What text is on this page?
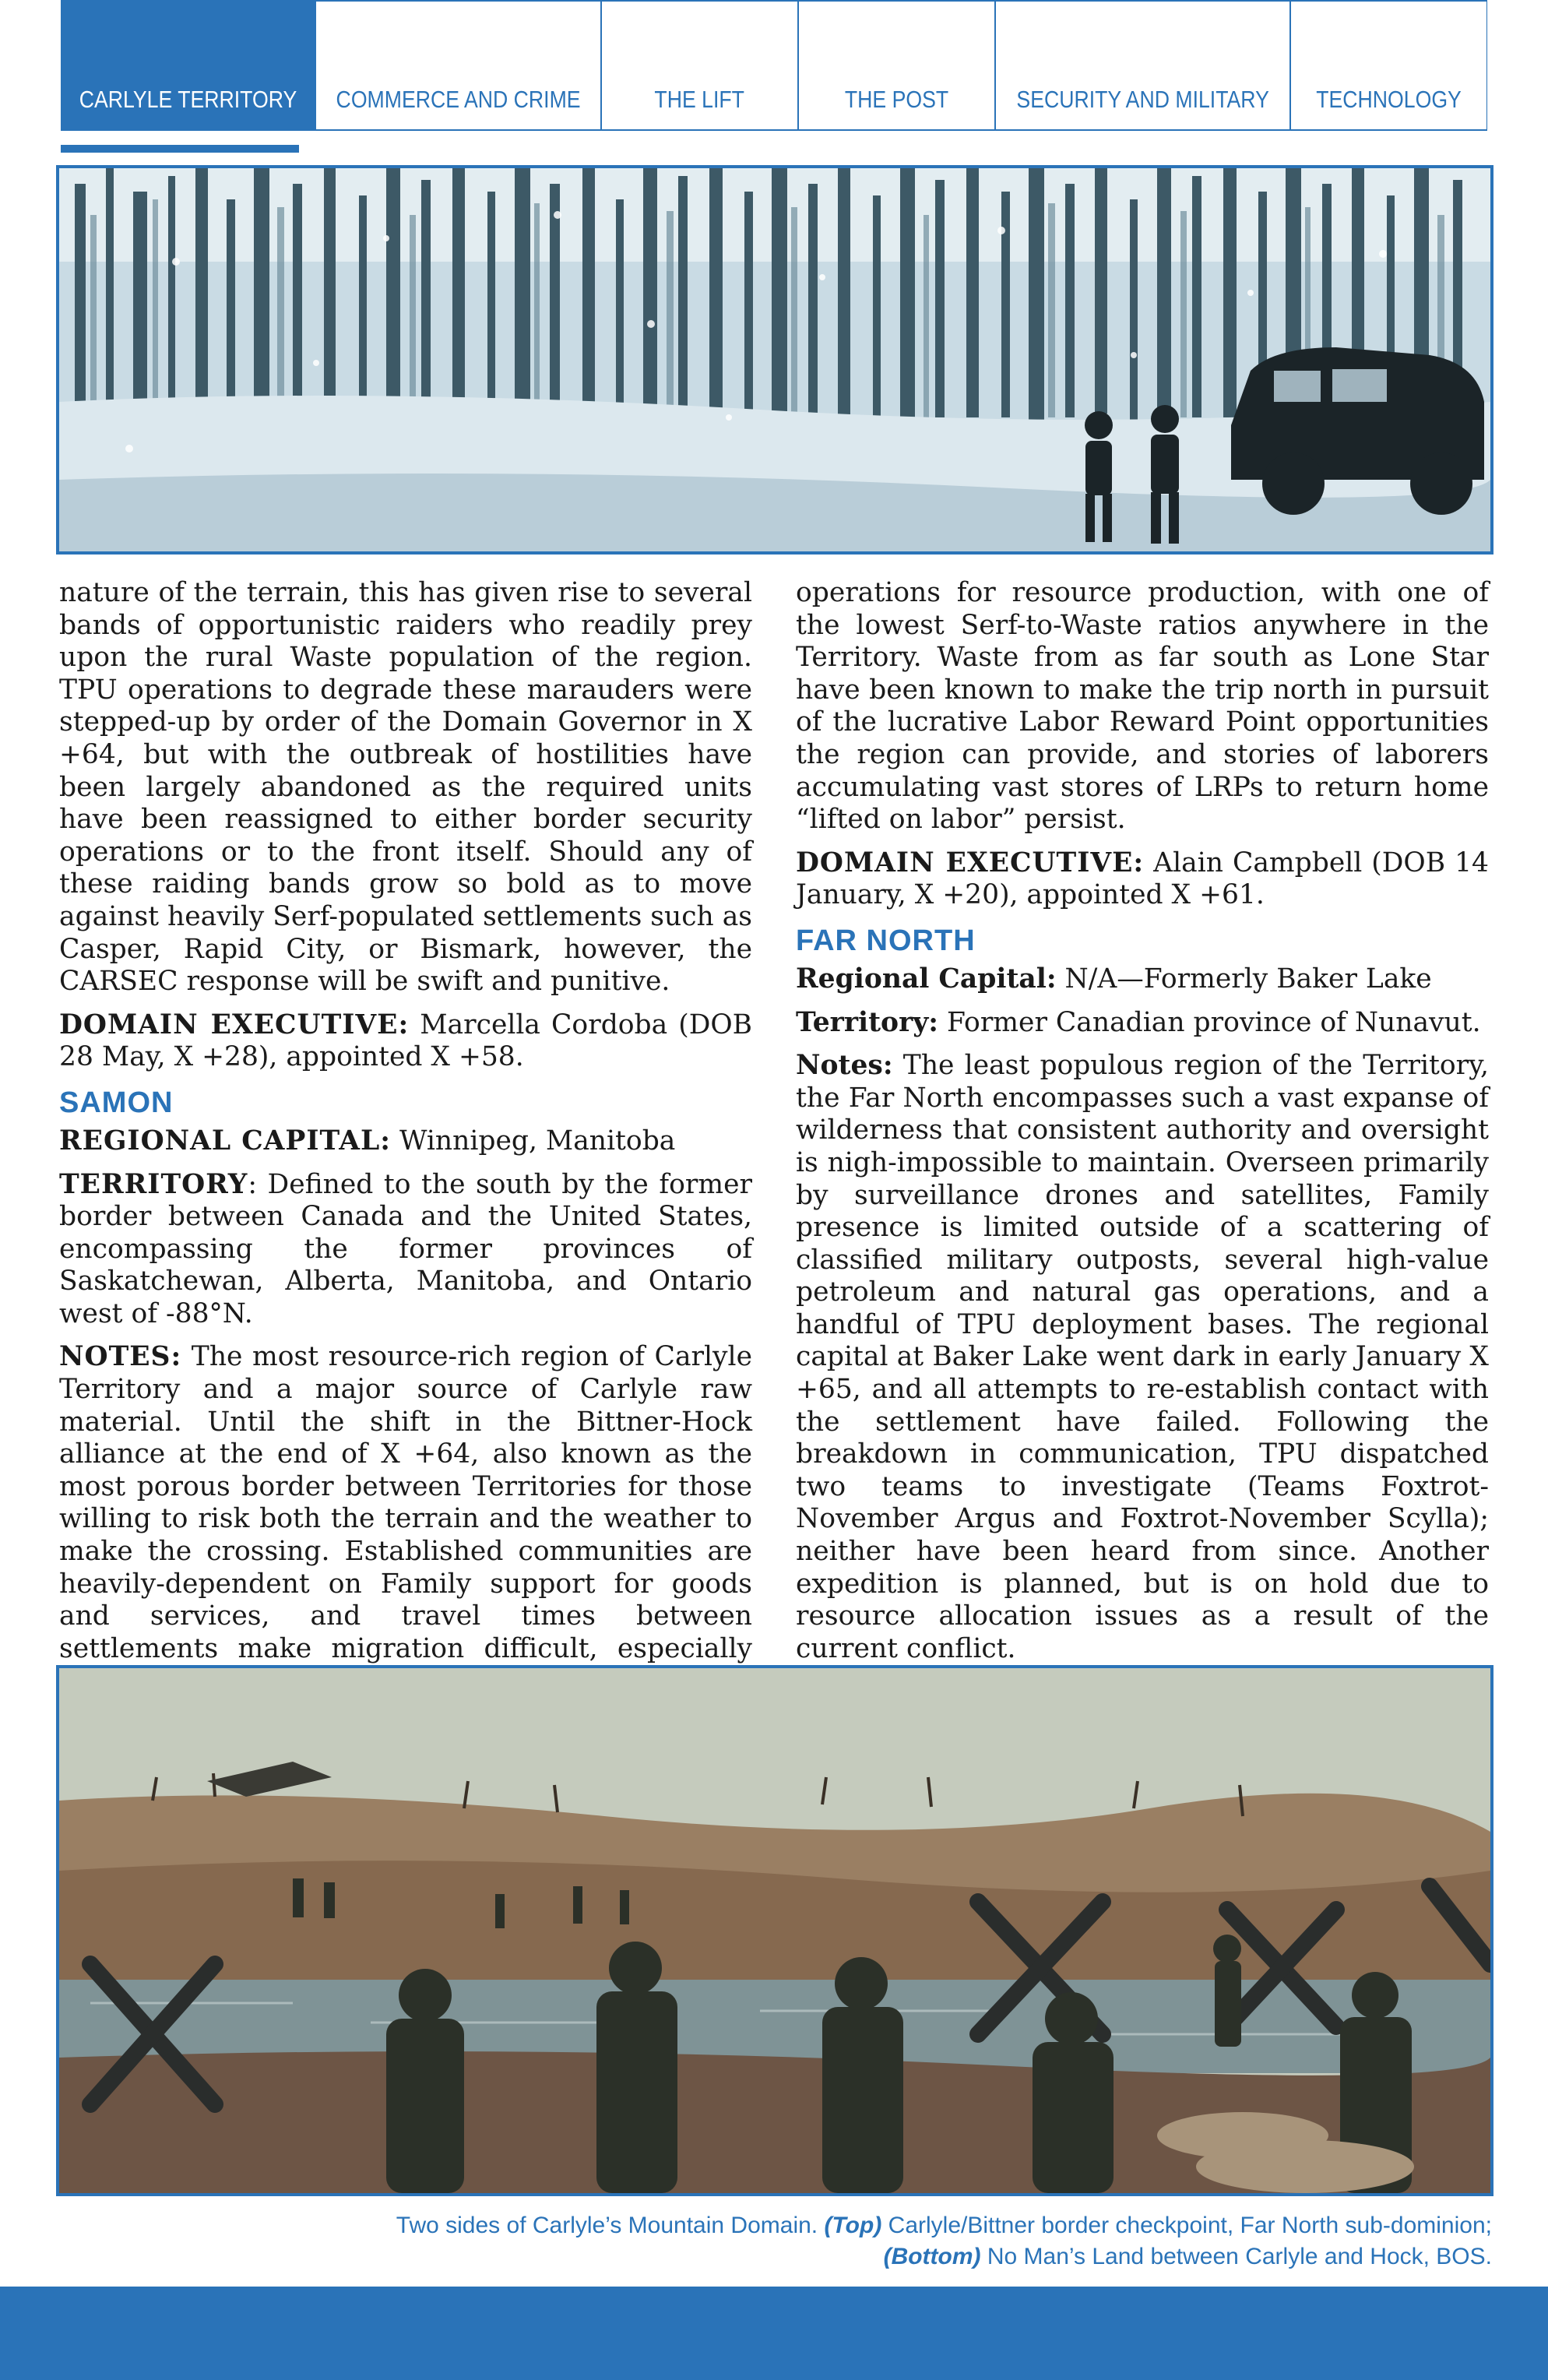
CARLYLE TERRITORY COMMERCE AND CRIME	THE LIFT	THE POST	SECURITY AND MILITARY TECHNOLOGY

nature of the terrain, this has given rise to several bands of opportunistic raiders who readily prey upon the rural Waste population of the region. TPU operations to degrade these marauders were stepped-up by order of the Domain Governor in X +64, but with the outbreak of hostilities have been largely abandoned as the required units have been reassigned to either border security operations or to the front itself. Should any of these raiding bands grow so bold as to move against heavily Serf-populated settlements such as Casper, Rapid City, or Bismark, however, the CARSEC response will be swift and punitive.

DOMAIN EXECUTIVE: Marcella Cordoba (DOB 28 May, X +28), appointed X +58.

SAMON

REGIONAL CAPITAL: Winnipeg, Manitoba

TERRITORY: Defined to the south by the former border between Canada and the United States, encompassing the former provinces of Saskatchewan, Alberta, Manitoba, and Ontario west of -88°N.

NOTES: The most resource-rich region of Carlyle Territory and a major source of Carlyle raw material. Until the shift in the Bittner-Hock alliance at the end of X +64, also known as the most porous border between Territories for those willing to risk both the terrain and the weather to make the crossing. Established communities are heavily-dependent on Family support for goods and services, and travel times between settlements make migration difficult, especially

operations for resource production, with one of the lowest Serf-to-Waste ratios anywhere in the Territory. Waste from as far south as Lone Star have been known to make the trip north in pursuit of the lucrative Labor Reward Point opportunities the region can provide, and stories of laborers accumulating vast stores of LRPs to return home “lifted on labor” persist.

DOMAIN EXECUTIVE: Alain Campbell (DOB 14 January, X +20), appointed X +61.

FAR NORTH

Regional Capital: N/A—Formerly Baker Lake

Territory: Former Canadian province of Nunavut.

Notes: The least populous region of the Territory, the Far North encompasses such a vast expanse of wilderness that consistent authority and oversight is nigh-impossible to maintain. Overseen primarily by surveillance drones and satellites, Family presence is limited outside of a scattering of classified military outposts, several high-value petroleum and natural gas operations, and a handful of TPU deployment bases. The regional capital at Baker Lake went dark in early January X +65, and all attempts to re-establish contact with the settlement have failed. Following the breakdown in communication, TPU dispatched two teams to investigate (Teams Foxtrot-November Argus and Foxtrot-November Scylla); neither have been heard from since. Another expedition is planned, but is on hold due to resource allocation issues as a result of the current conflict.

Two sides of Carlyle’s Mountain Domain. (Top) Carlyle/Bittner border checkpoint, Far North sub-dominion;
(Bottom) No Man’s Land between Carlyle and Hock, BOS.
